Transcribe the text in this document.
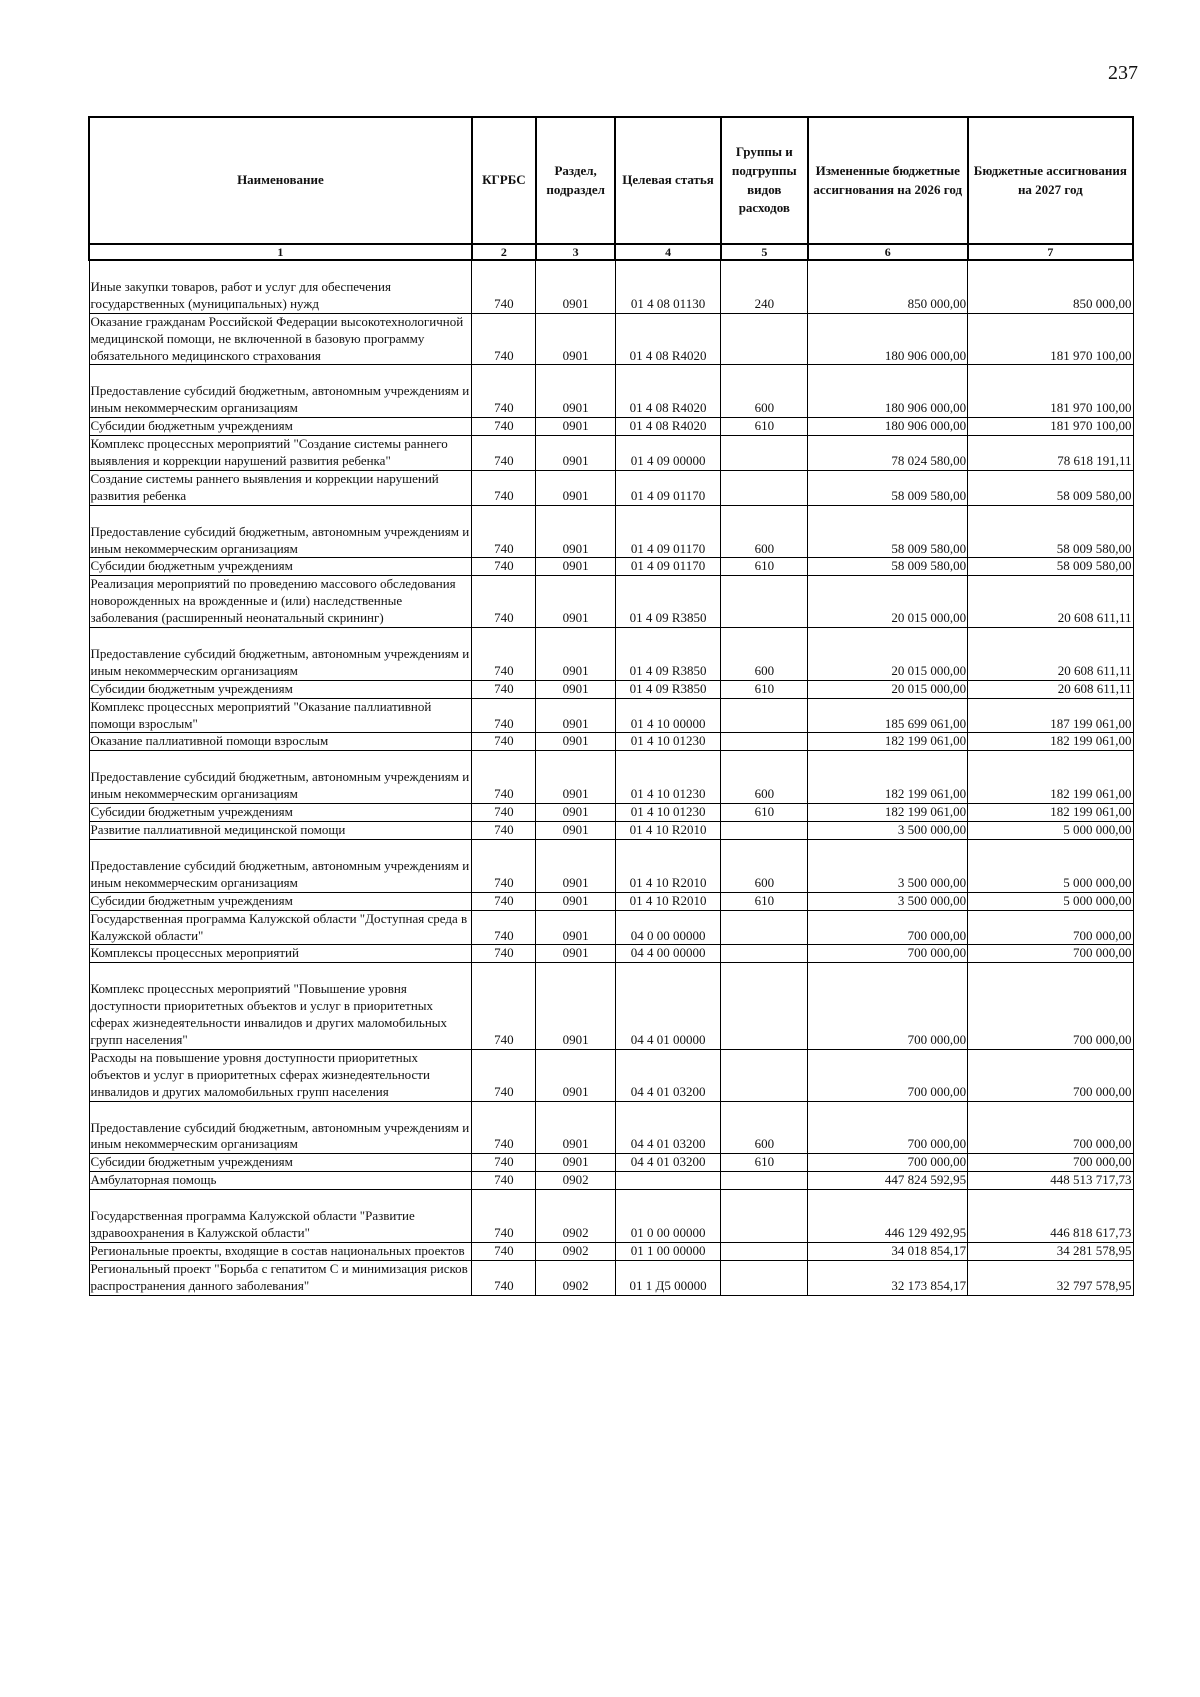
237
Наименование	КГРБС	Раздел, подраздел	Целевая статья	Группы и подгруппы видов расходов	Измененные бюджетные ассигнования на 2026 год	Бюджетные ассигнования на 2027 год
1	2	3	4	5	6	7

Иные закупки товаров, работ и услуг для обеспечения государственных (муниципальных) нужд	740	0901	01 4 08 01130	240	850 000,00	850 000,00
Оказание гражданам Российской Федерации высокотехнологичной медицинской помощи, не включенной в базовую программу обязательного медицинского страхования	740	0901	01 4 08 R4020		180 906 000,00	181 970 100,00

Предоставление субсидий бюджетным, автономным учреждениям и иным некоммерческим организациям	740	0901	01 4 08 R4020	600	180 906 000,00	181 970 100,00
Субсидии бюджетным учреждениям	740	0901	01 4 08 R4020	610	180 906 000,00	181 970 100,00
Комплекс процессных мероприятий "Создание системы раннего выявления и коррекции нарушений развития ребенка"	740	0901	01 4 09 00000		78 024 580,00	78 618 191,11
Создание системы раннего выявления и коррекции нарушений развития ребенка	740	0901	01 4 09 01170		58 009 580,00	58 009 580,00

Предоставление субсидий бюджетным, автономным учреждениям и иным некоммерческим организациям	740	0901	01 4 09 01170	600	58 009 580,00	58 009 580,00
Субсидии бюджетным учреждениям	740	0901	01 4 09 01170	610	58 009 580,00	58 009 580,00
Реализация мероприятий по проведению массового обследования новорожденных на врожденные и (или) наследственные заболевания (расширенный неонатальный скрининг)	740	0901	01 4 09 R3850		20 015 000,00	20 608 611,11

Предоставление субсидий бюджетным, автономным учреждениям и иным некоммерческим организациям	740	0901	01 4 09 R3850	600	20 015 000,00	20 608 611,11
Субсидии бюджетным учреждениям	740	0901	01 4 09 R3850	610	20 015 000,00	20 608 611,11
Комплекс процессных мероприятий "Оказание паллиативной помощи взрослым"	740	0901	01 4 10 00000		185 699 061,00	187 199 061,00
Оказание паллиативной помощи взрослым	740	0901	01 4 10 01230		182 199 061,00	182 199 061,00

Предоставление субсидий бюджетным, автономным учреждениям и иным некоммерческим организациям	740	0901	01 4 10 01230	600	182 199 061,00	182 199 061,00
Субсидии бюджетным учреждениям	740	0901	01 4 10 01230	610	182 199 061,00	182 199 061,00
Развитие паллиативной медицинской помощи	740	0901	01 4 10 R2010		3 500 000,00	5 000 000,00

Предоставление субсидий бюджетным, автономным учреждениям и иным некоммерческим организациям	740	0901	01 4 10 R2010	600	3 500 000,00	5 000 000,00
Субсидии бюджетным учреждениям	740	0901	01 4 10 R2010	610	3 500 000,00	5 000 000,00
Государственная программа Калужской области "Доступная среда в Калужской области"	740	0901	04 0 00 00000		700 000,00	700 000,00
Комплексы процессных мероприятий	740	0901	04 4 00 00000		700 000,00	700 000,00

Комплекс процессных мероприятий "Повышение уровня доступности приоритетных объектов и услуг в приоритетных сферах жизнедеятельности инвалидов и других маломобильных групп населения"	740	0901	04 4 01 00000		700 000,00	700 000,00
Расходы на повышение уровня доступности приоритетных объектов и услуг в приоритетных сферах жизнедеятельности инвалидов и других маломобильных групп населения	740	0901	04 4 01 03200		700 000,00	700 000,00

Предоставление субсидий бюджетным, автономным учреждениям и иным некоммерческим организациям	740	0901	04 4 01 03200	600	700 000,00	700 000,00
Субсидии бюджетным учреждениям	740	0901	04 4 01 03200	610	700 000,00	700 000,00
Амбулаторная помощь	740	0902			447 824 592,95	448 513 717,73

Государственная программа Калужской области "Развитие здравоохранения в Калужской области"	740	0902	01 0 00 00000		446 129 492,95	446 818 617,73
Региональные проекты, входящие в состав национальных проектов	740	0902	01 1 00 00000		34 018 854,17	34 281 578,95
Региональный проект "Борьба с гепатитом С и минимизация рисков распространения данного заболевания"	740	0902	01 1 Д5 00000		32 173 854,17	32 797 578,95
